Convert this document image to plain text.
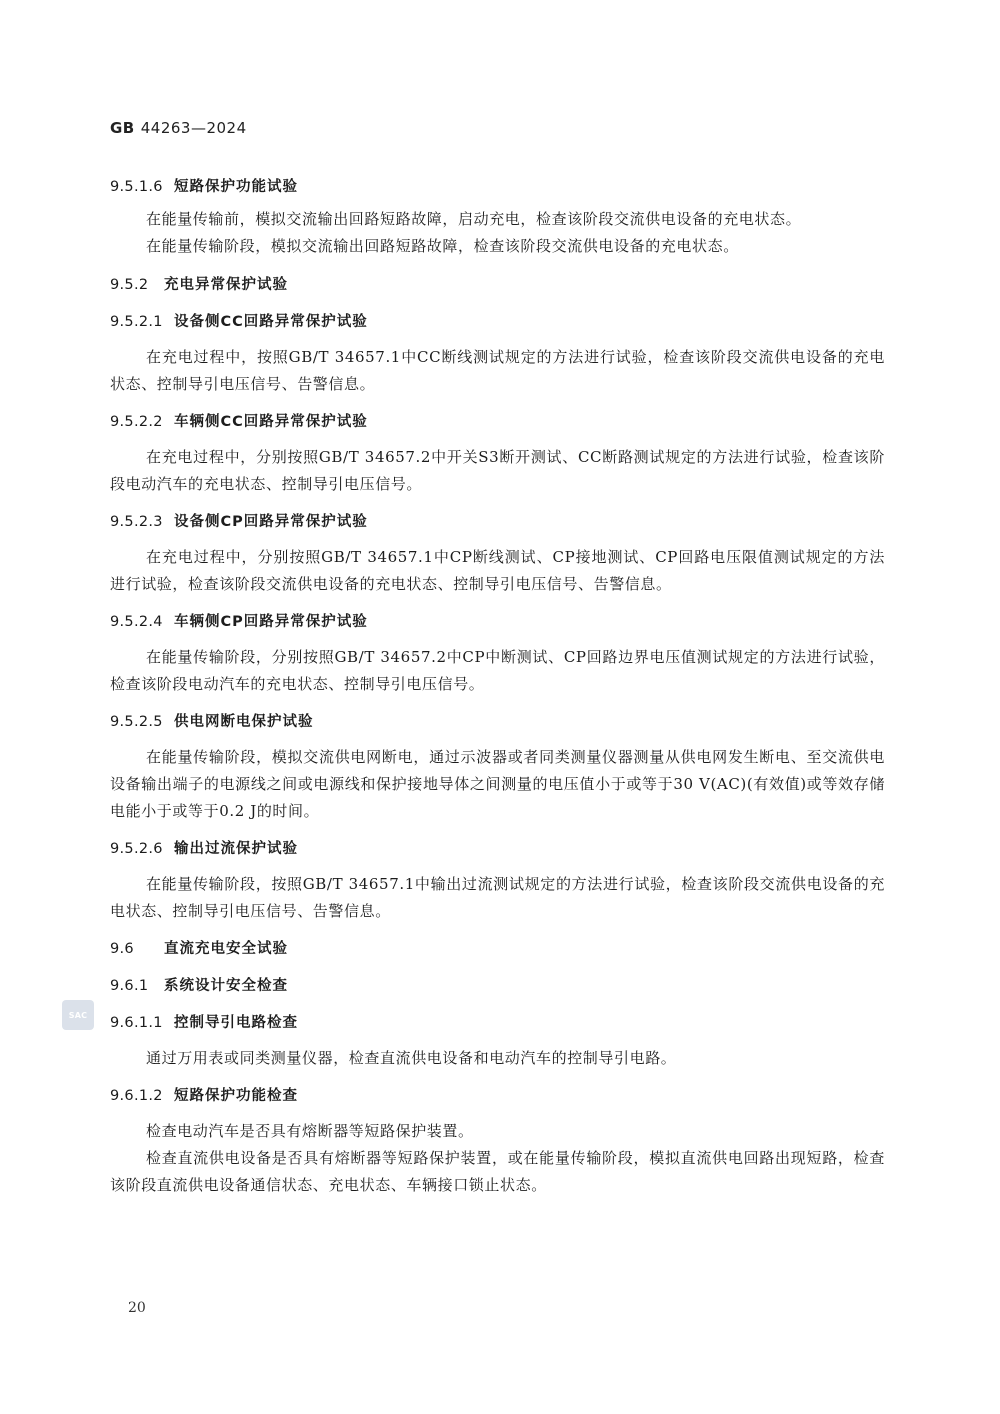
GB 44263—2024
9.5.1.6 短路保护功能试验

在能量传输前，模拟交流输出回路短路故障，启动充电，检查该阶段交流供电设备的充电状态。

在能量传输阶段，模拟交流输出回路短路故障，检查该阶段交流供电设备的充电状态。

9.5.2 充电异常保护试验
9.5.2.1 设备侧CC回路异常保护试验

在充电过程中，按照GB/T 34657.1中CC断线测试规定的方法进行试验，检查该阶段交流供电设备的充电状态、控制导引电压信号、告警信息。

9.5.2.2 车辆侧CC回路异常保护试验

在充电过程中，分别按照GB/T 34657.2中开关S3断开测试、CC断路测试规定的方法进行试验，检查该阶段电动汽车的充电状态、控制导引电压信号。

9.5.2.3 设备侧CP回路异常保护试验

在充电过程中，分别按照GB/T 34657.1中CP断线测试、CP接地测试、CP回路电压限值测试规定的方法进行试验，检查该阶段交流供电设备的充电状态、控制导引电压信号、告警信息。

9.5.2.4 车辆侧CP回路异常保护试验

在能量传输阶段，分别按照GB/T 34657.2中CP中断测试、CP回路边界电压值测试规定的方法进行试验，检查该阶段电动汽车的充电状态、控制导引电压信号。

9.5.2.5 供电网断电保护试验

在能量传输阶段，模拟交流供电网断电，通过示波器或者同类测量仪器测量从供电网发生断电、至交流供电设备输出端子的电源线之间或电源线和保护接地导体之间测量的电压值小于或等于30 V(AC)(有效值)或等效存储电能小于或等于0.2 J的时间。

9.5.2.6 输出过流保护试验

在能量传输阶段，按照GB/T 34657.1中输出过流测试规定的方法进行试验，检查该阶段交流供电设备的充电状态、控制导引电压信号、告警信息。

9.6 直流充电安全试验
9.6.1 系统设计安全检查
9.6.1.1 控制导引电路检查

通过万用表或同类测量仪器，检查直流供电设备和电动汽车的控制导引电路。

9.6.1.2 短路保护功能检查

检查电动汽车是否具有熔断器等短路保护装置。

检查直流供电设备是否具有熔断器等短路保护装置，或在能量传输阶段，模拟直流供电回路出现短路，检查该阶段直流供电设备通信状态、充电状态、车辆接口锁止状态。

SAC
20
